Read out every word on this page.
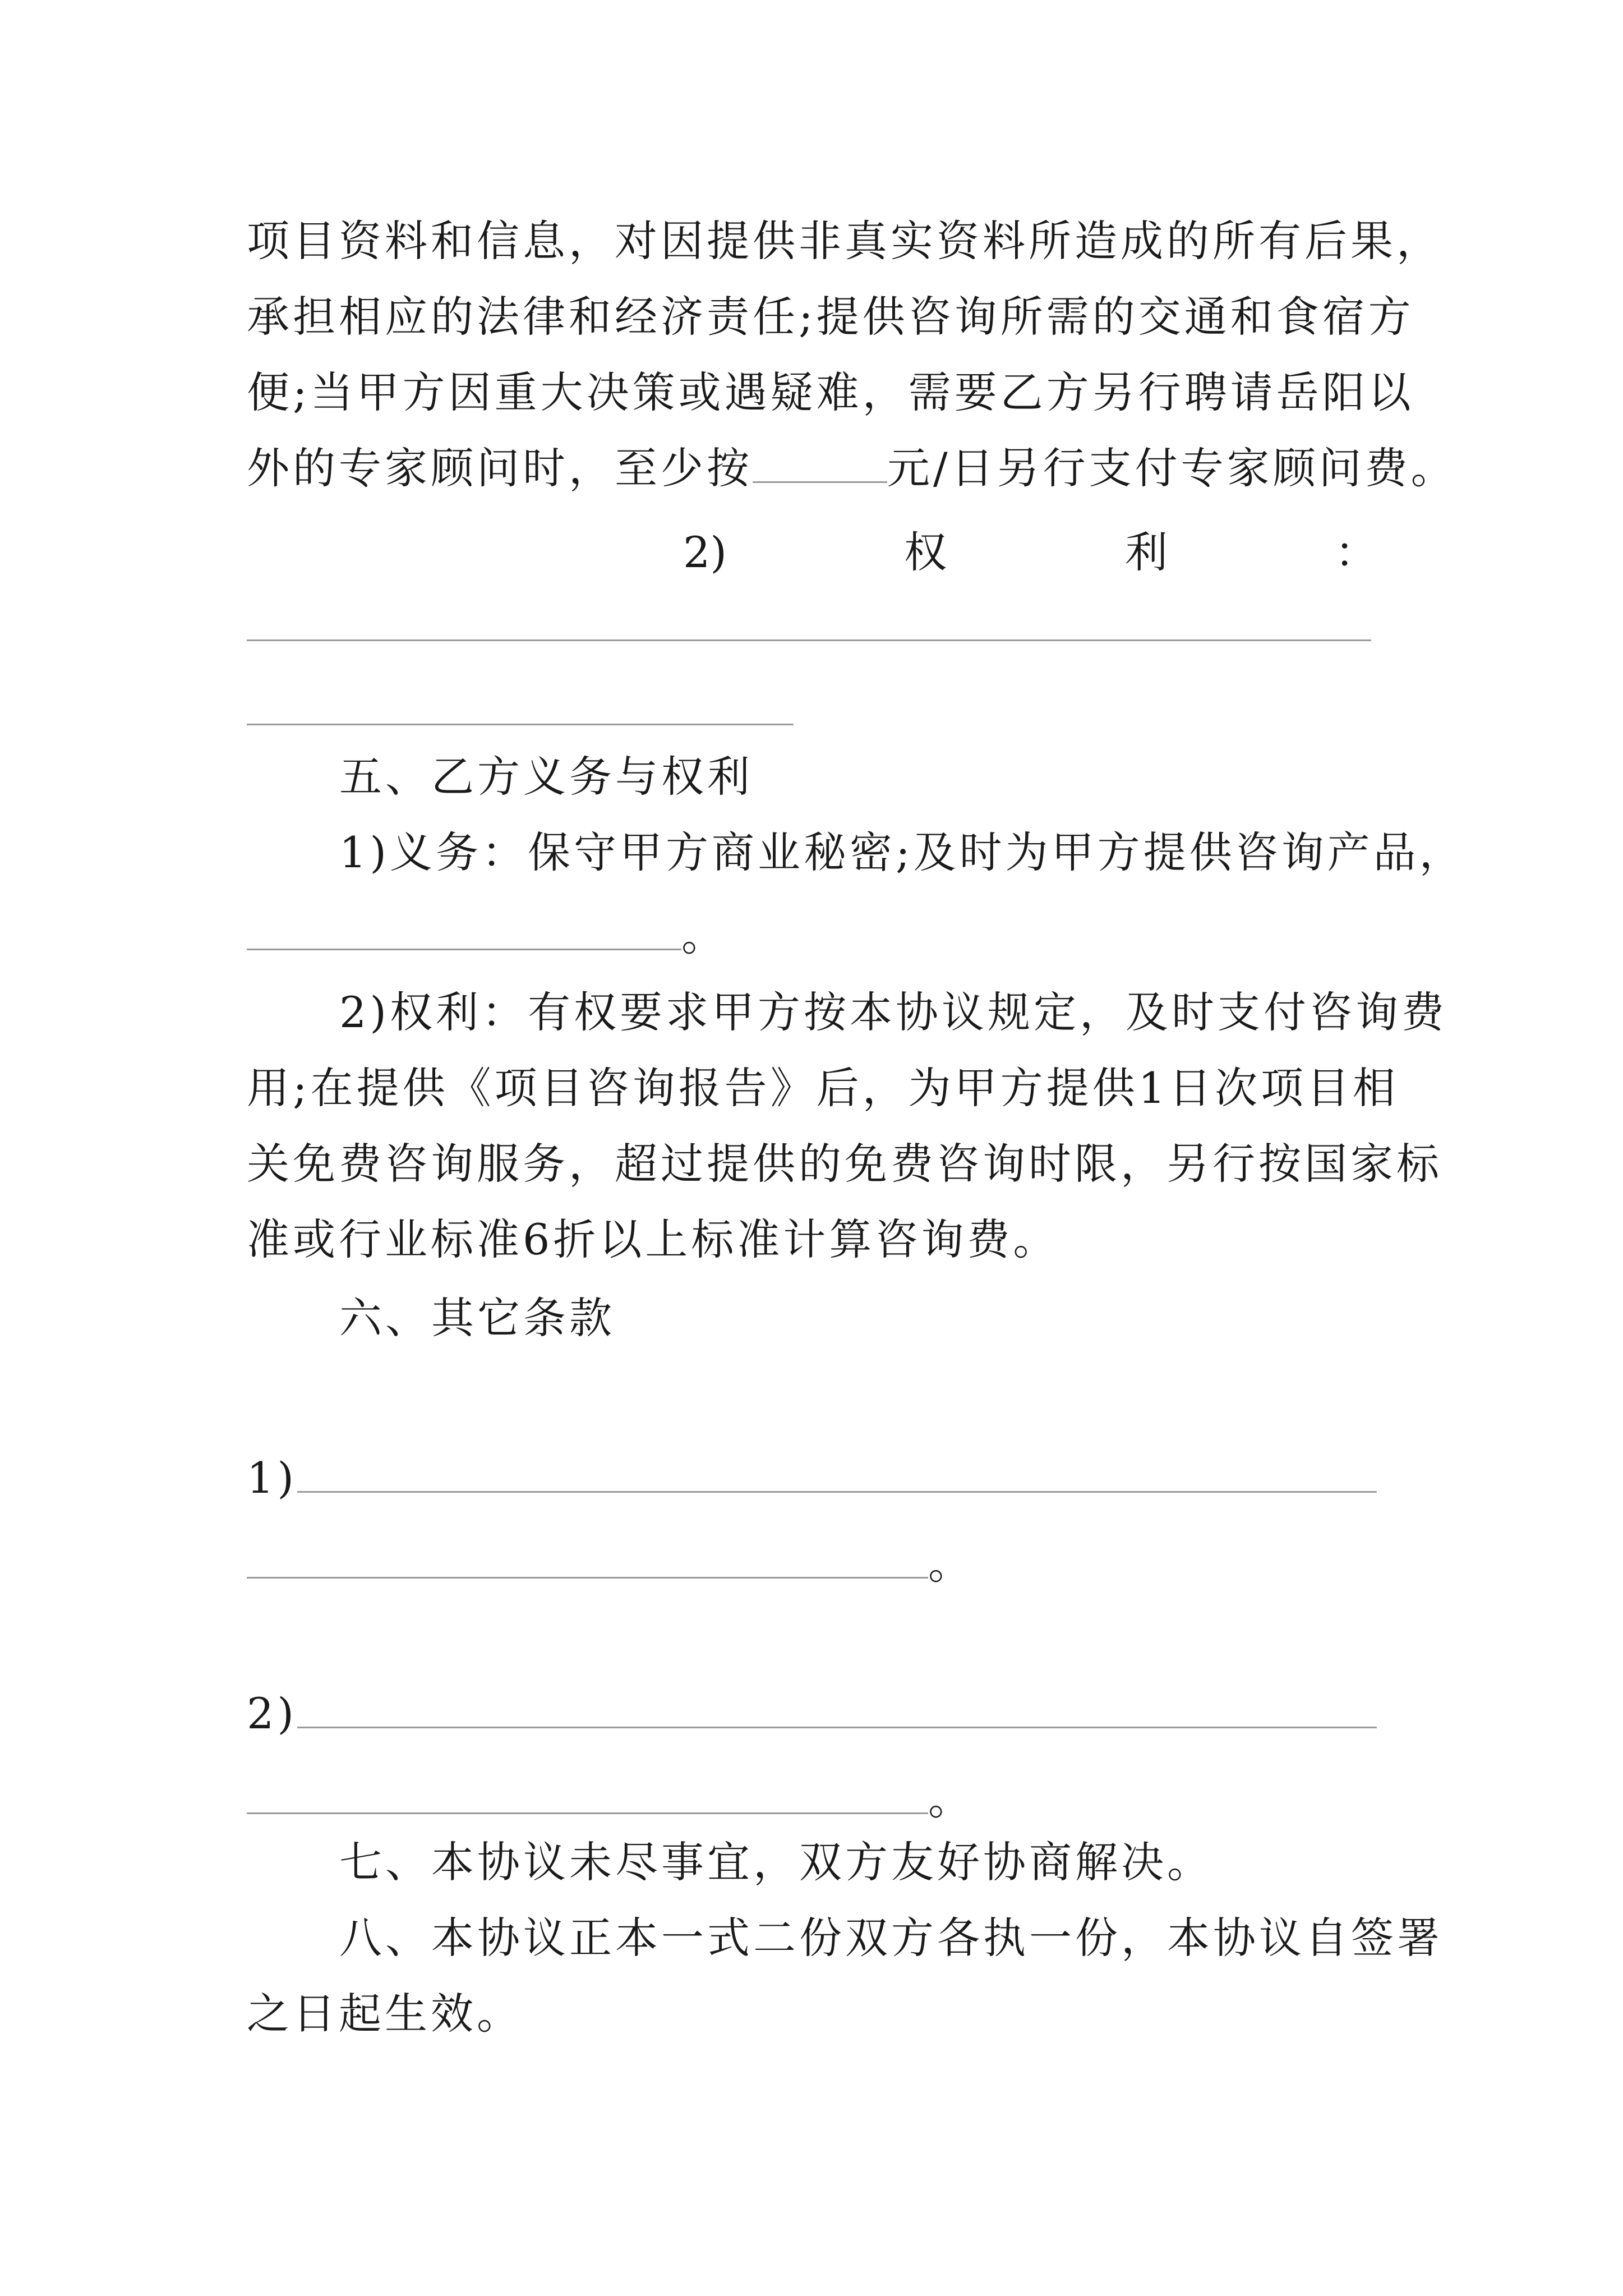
项目资料和信息，对因提供非真实资料所造成的所有后果，
承担相应的法律和经济责任;提供咨询所需的交通和食宿方
便;当甲方因重大决策或遇疑难，需要乙方另行聘请岳阳以
外的专家顾问时，至少按	元/日另行支付专家顾问费。
2)	权	利	：
五、乙方义务与权利
1)义务：保守甲方商业秘密;及时为甲方提供咨询产品，
。
2)权利：有权要求甲方按本协议规定，及时支付咨询费
用;在提供《项目咨询报告》后，为甲方提供1日次项目相
关免费咨询服务，超过提供的免费咨询时限，另行按国家标
准或行业标准6折以上标准计算咨询费。
六、其它条款
1)
。
2)
。
七、本协议未尽事宜，双方友好协商解决。
八、本协议正本一式二份双方各执一份，本协议自签署
之日起生效。
